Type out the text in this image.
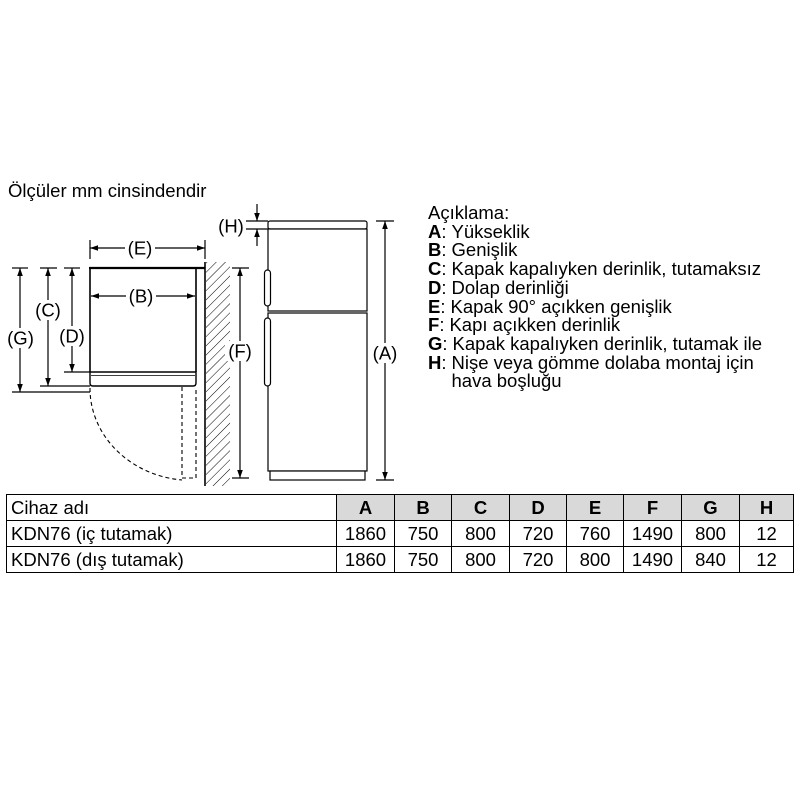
Ölçüler mm cinsindendir
(E)
(B)
(C)
(D)
(G)
(F)	(A)
(H)
Açıklama:
A : Yükseklik
B : Genişlik
C : Kapak kapalıyken derinlik, tutamaksız
D : Dolap derinliği
E : Kapak 90° açıkken genişlik
F : Kapı açıkken derinlik
G : Kapak kapalıyken derinlik, tutamak ile
H : Nişe veya gömme dolaba montaj için hava boşluğu
Cihaz adı	A	B	C	D	E	F	G	H
KDN76 (iç tutamak)	1860	750	800	720	760	1490	800	12
KDN76 (dış tutamak)	1860	750	800	720	800	1490	840	12
